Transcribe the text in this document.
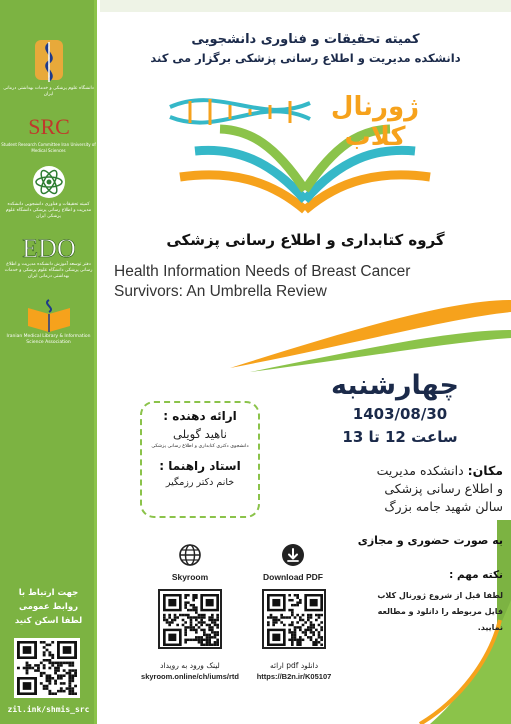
دانشگاه علوم پزشکی و خدمات بهداشتی درمانی ایران
SRC
Student Research Committee Iran University of Medical Sciences
کمیته تحقیقات و فناوری دانشجویی دانشکده مدیریت و اطلاع رسانی پزشکی دانشگاه علوم پزشکی ایران
EDO
دفتر توسعه آموزش دانشکده مدیریت و اطلاع رسانی پزشکی دانشگاه علوم پزشکی و خدمات بهداشتی درمانی ایران
Iranian Medical Library & Information Science Association
جهت ارتباط با
روابط عمومی
لطفا اسکن کنید
zil.ink/shmis_src
کمیته تحقیقات و فناوری دانشجویی
دانشکده مدیریت و اطلاع رسانی پزشکی برگزار می کند
ژورنال کلاب
گروه کتابداری و اطلاع رسانی پزشکی
Health Information Needs of Breast Cancer Survivors: An Umbrella Review
چهارشنبه
1403/08/30
ساعت 12 تا 13
ارائه دهنده :
ناهید گویلی
دانشجوی دکتری کتابداری و اطلاع رسانی پزشکی
استاد راهنما :
خانم دکتر رزمگیر
مکان: دانشکده مدیریت
و اطلاع رسانی پزشکی
سالن شهید جامه بزرگ
به صورت حضوری و مجازی
نکته مهم :
لطفا قبل از شروع ژورنال کلاب
فایل مربوطه را دانلود و مطالعه
نمایید.
Skyroom
لینک ورود به رویداد
skyroom.online/ch/iums/rtd
Download PDF
دانلود pdf ارائه
https://B2n.ir/K05107
